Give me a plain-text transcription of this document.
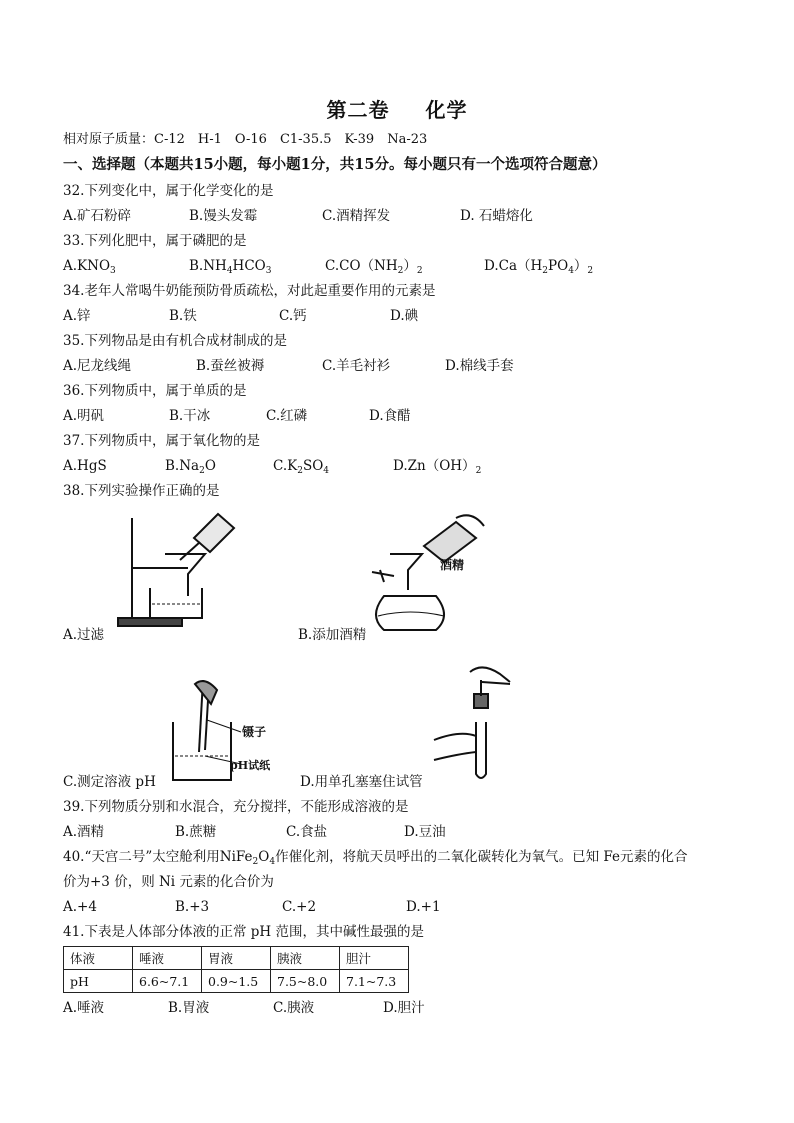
第二卷 化学
相对原子质量：C-12　H-1　O-16　C1-35.5　K-39　Na-23
一、选择题（本题共15小题，每小题1分，共15分。每小题只有一个选项符合题意）
32.下列变化中，属于化学变化的是
A.矿石粉碎	B.馒头发霉	C.酒精挥发	D. 石蜡熔化
33.下列化肥中，属于磷肥的是
$A.KNO_3$	$B.NH_4HCO_3$	$C.CO(NH_2)_2$	$D.Ca(H_2PO_4)_2$
34.老年人常喝牛奶能预防骨质疏松，对此起重要作用的元素是
A.锌	B.铁	C.钙	D.碘
35.下列物品是由有机合成材制成的是
A.尼龙线绳	B.蚕丝被褥	C.羊毛衬衫	D.棉线手套
36.下列物质中，属于单质的是
A.明矾	B.干冰	C.红磷	D.食醋
37.下列物质中，属于氧化物的是
A.HgS	$B.Na_2O$	$C.K_2SO_4$	$D.Zn(OH)_2$
38.下列实验操作正确的是
A.过滤
酒精
B.添加酒精
镊子
pH试纸
C.测定溶液 pH	D.用单孔塞塞住试管
39.下列物质分别和水混合，充分搅拌，不能形成溶液的是
A.酒精	B.蔗糖	C.食盐	D.豆油
40.“天宫二号”太空舱利用$NiFe_2O_4$作催化剂，将航天员呼出的二氧化碳转化为氧气。已知 Fe元素的化合
价为+3 价，则 Ni 元素的化合价为
A.+4	B.+3	C.+2	D.+1
41.下表是人体部分体液的正常 pH 范围，其中碱性最强的是
体液	唾液	胃液	胰液	胆汁
pH	6.6~7.1	0.9~1.5	7.5~8.0	7.1~7.3
A.唾液	B.胃液	C.胰液	D.胆汁
